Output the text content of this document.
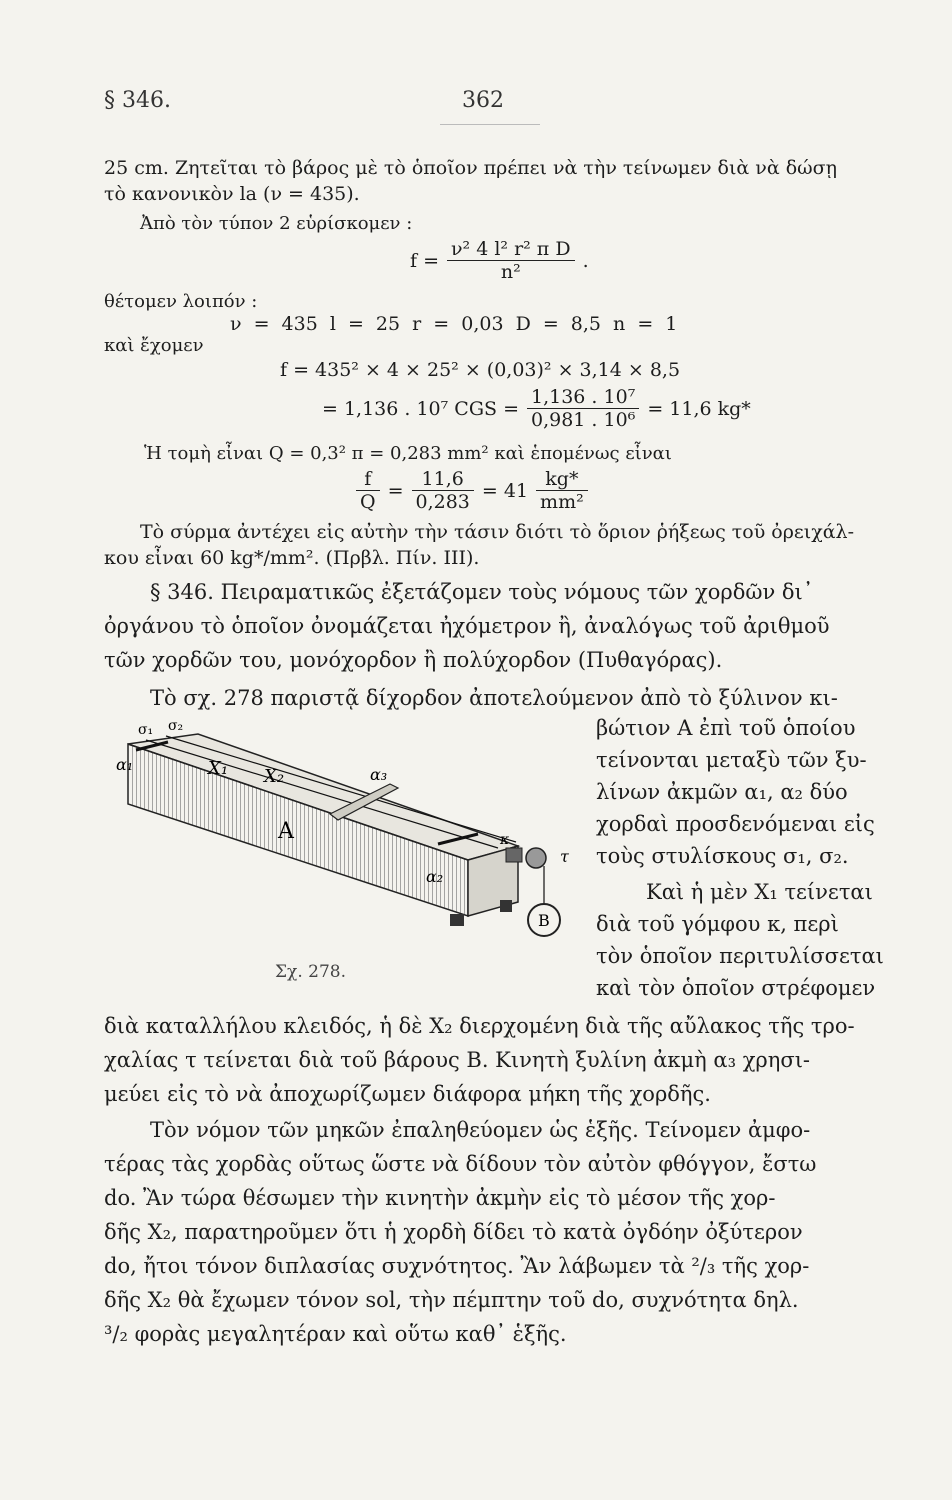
§ 346.	362
25 cm. Ζητεῖται τὸ βάρος μὲ τὸ ὁποῖον πρέπει νὰ τὴν τείνωμεν διὰ νὰ δώσῃ
τὸ κανονικὸν la (ν = 435).
Ἀπὸ τὸν τύπον 2 εὑρίσκομεν :
$f = \frac{\text{ν² 4 l² r² π D}}{\text{n²}}$ .
θέτομεν λοιπόν :
ν = 435 l = 25 r = 0,03 D = 8,5 n = 1
καὶ ἔχομεν
f = 435² × 4 × 25² × (0,03)² × 3,14 × 8,5
= 1,136 . 10⁷ CGS = $\frac{\text{1,136 . 10⁷}}{\text{0,981 . 10⁶}} = 11,6$ kg*
Ἡ τομὴ εἶναι Q = 0,3² π = 0,283 mm² καὶ ἑπομένως εἶναι
$\frac{f}{Q} = \frac{11,6}{0,283} = 41 \frac{kg*}{\text{mm²}}$
Τὸ σύρμα ἀντέχει εἰς αὐτὴν τὴν τάσιν διότι τὸ ὅριον ῥήξεως τοῦ ὀρειχάλ-
κου εἶναι 60 kg*/mm². (Πρβλ. Πίν. III).
§ 346. Πειραματικῶς ἐξετάζομεν τοὺς νόμους τῶν χορδῶν δι᾿
ὀργάνου τὸ ὁποῖον ὀνομάζεται ἠχόμετρον ἢ, ἀναλόγως τοῦ ἀριθμοῦ
τῶν χορδῶν του, μονόχορδον ἢ πολύχορδον (Πυθαγόρας).
Τὸ σχ. 278 παριστᾷ δίχορδον ἀποτελούμενον ἀπὸ τὸ ξύλινον κι-
βώτιον A ἐπὶ τοῦ ὁποίου
τείνονται μεταξὺ τῶν ξυ-
λίνων ἀκμῶν α₁, α₂ δύο
χορδαὶ προσδενόμεναι εἰς
τοὺς στυλίσκους σ₁, σ₂.
Καὶ ἡ μὲν X₁ τείνεται
διὰ τοῦ γόμφου κ, περὶ
τὸν ὁποῖον περιτυλίσσεται
καὶ τὸν ὁποῖον στρέφομεν
διὰ καταλλήλου κλειδός, ἡ δὲ X₂ διερχομένη διὰ τῆς αὔλακος τῆς τρο-
χαλίας τ τείνεται διὰ τοῦ βάρους B. Κινητὴ ξυλίνη ἀκμὴ α₃ χρησι-
μεύει εἰς τὸ νὰ ἀποχωρίζωμεν διάφορα μήκη τῆς χορδῆς.
Τὸν νόμον τῶν μηκῶν ἐπαληθεύομεν ὡς ἑξῆς. Τείνομεν ἀμφο-
τέρας τὰς χορδὰς οὕτως ὥστε νὰ δίδουν τὸν αὐτὸν φθόγγον, ἔστω
do. Ἂν τώρα θέσωμεν τὴν κινητὴν ἀκμὴν εἰς τὸ μέσον τῆς χορ-
δῆς X₂, παρατηροῦμεν ὅτι ἡ χορδὴ δίδει τὸ κατὰ ὀγδόην ὀξύτερον
do, ἤτοι τόνον διπλασίας συχνότητος. Ἂν λάβωμεν τὰ ²/₃ τῆς χορ-
δῆς X₂ θὰ ἔχωμεν τόνον sol, τὴν πέμπτην τοῦ do, συχνότητα δηλ.
³/₂ φορὰς μεγαλητέραν καὶ οὕτω καθ᾿ ἑξῆς.
σ₁ σ₂
α₁	X₁ X₂	α₃
A
α₂
κ
τ
B
Σχ. 278.
